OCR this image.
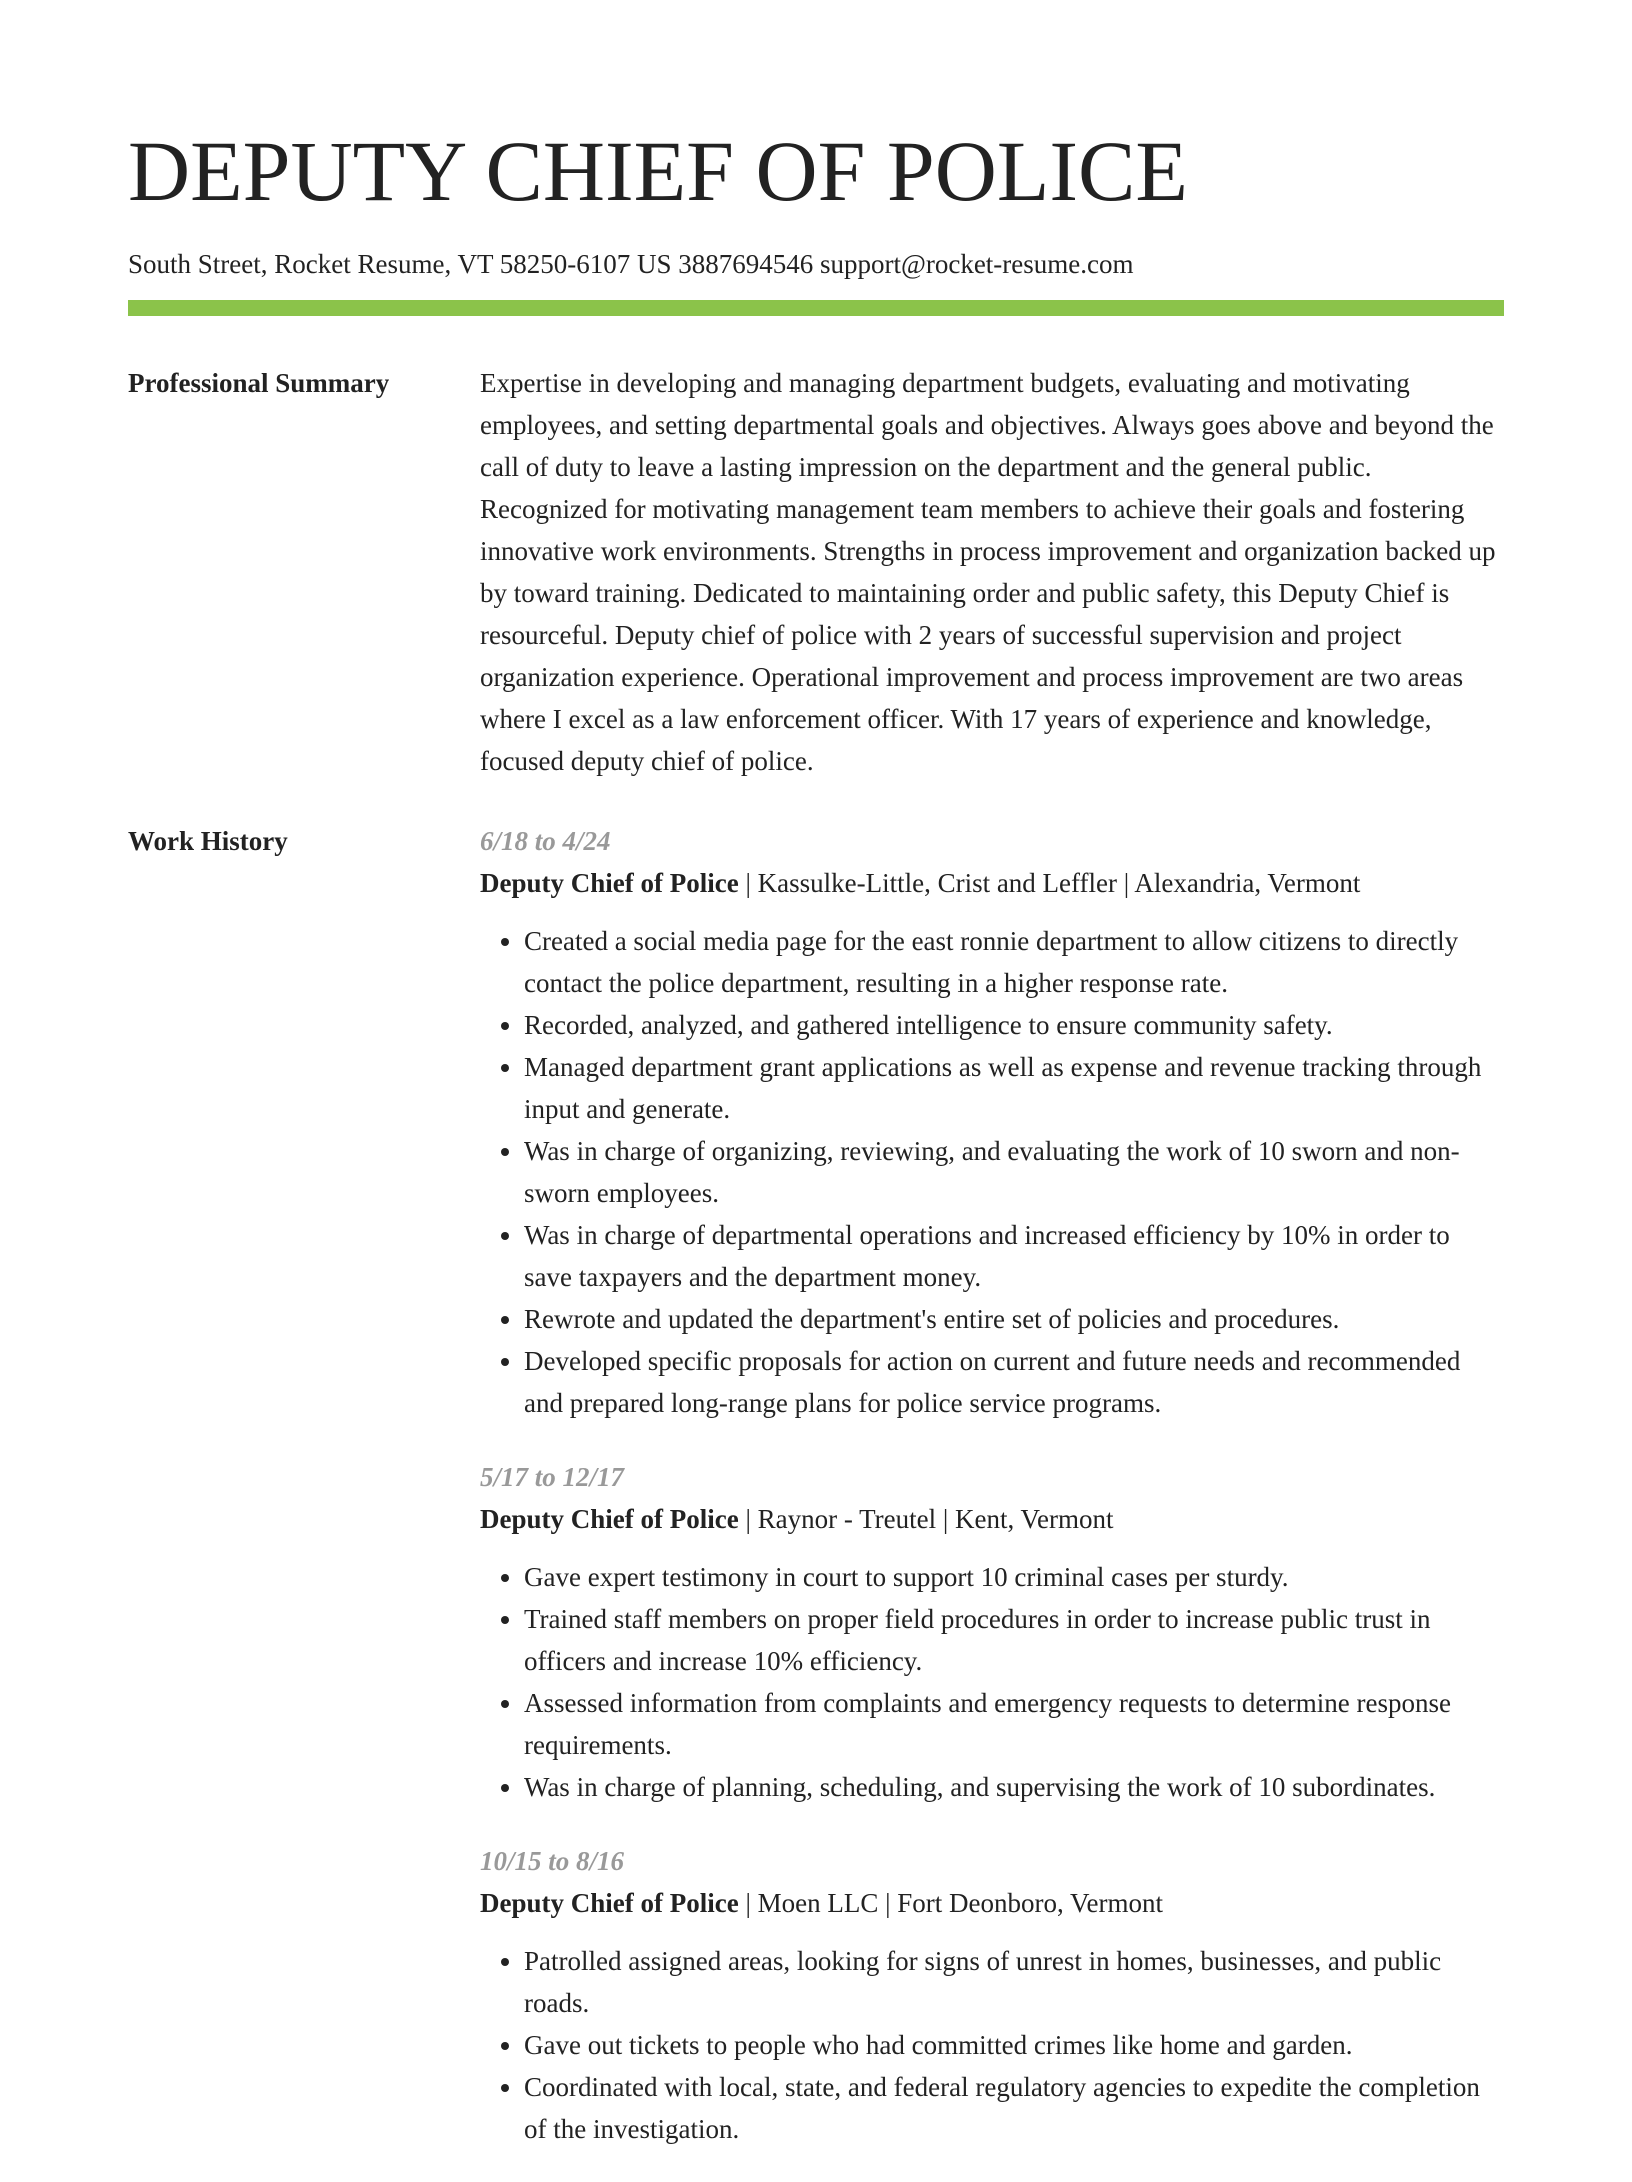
DEPUTY CHIEF OF POLICE
South Street, Rocket Resume, VT 58250-6107 US 3887694546 support@rocket-resume.com
Professional Summary	Expertise in developing and managing department budgets, evaluating and motivating employees, and setting departmental goals and objectives. Always goes above and beyond the call of duty to leave a lasting impression on the department and the general public. Recognized for motivating management team members to achieve their goals and fostering innovative work environments. Strengths in process improvement and organization backed up by toward training. Dedicated to maintaining order and public safety, this Deputy Chief is resourceful. Deputy chief of police with 2 years of successful supervision and project organization experience. Operational improvement and process improvement are two areas where I excel as a law enforcement officer. With 17 years of experience and knowledge, focused deputy chief of police.

Work History	6/18 to 4/24
Deputy Chief of Police | Kassulke-Little, Crist and Leffler | Alexandria, Vermont
• Created a social media page for the east ronnie department to allow citizens to directly contact the police department, resulting in a higher response rate.
• Recorded, analyzed, and gathered intelligence to ensure community safety.
• Managed department grant applications as well as expense and revenue tracking through input and generate.
• Was in charge of organizing, reviewing, and evaluating the work of 10 sworn and non-sworn employees.
• Was in charge of departmental operations and increased efficiency by 10% in order to save taxpayers and the department money.
• Rewrote and updated the department's entire set of policies and procedures.
• Developed specific proposals for action on current and future needs and recommended and prepared long-range plans for police service programs.
5/17 to 12/17
Deputy Chief of Police | Raynor - Treutel | Kent, Vermont
• Gave expert testimony in court to support 10 criminal cases per sturdy.
• Trained staff members on proper field procedures in order to increase public trust in officers and increase 10% efficiency.
• Assessed information from complaints and emergency requests to determine response requirements.
• Was in charge of planning, scheduling, and supervising the work of 10 subordinates.
10/15 to 8/16
Deputy Chief of Police | Moen LLC | Fort Deonboro, Vermont
• Patrolled assigned areas, looking for signs of unrest in homes, businesses, and public roads.
• Gave out tickets to people who had committed crimes like home and garden.
• Coordinated with local, state, and federal regulatory agencies to expedite the completion of the investigation.
